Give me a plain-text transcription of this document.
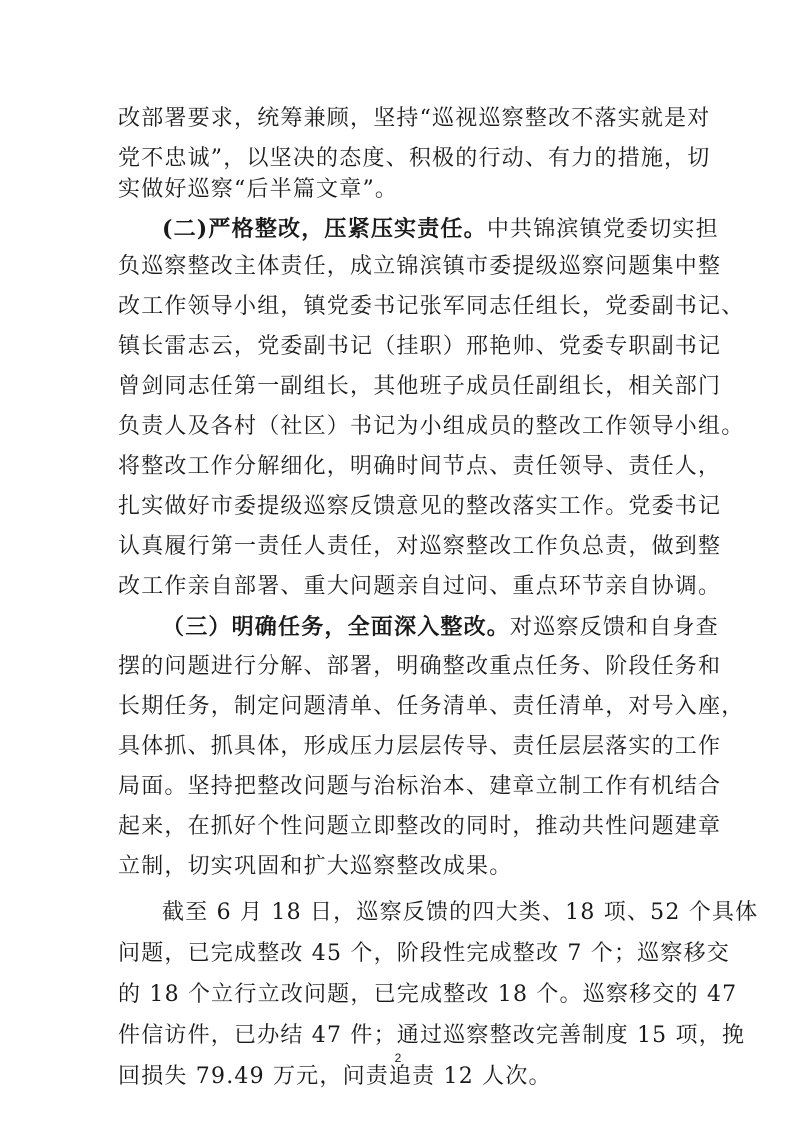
改部署要求，统筹兼顾，坚持“巡视巡察整改不落实就是对
党不忠诚”，以坚决的态度、积极的行动、有力的措施，切
实做好巡察“后半篇文章”。
(二)严格整改，压紧压实责任。中共锦滨镇党委切实担
负巡察整改主体责任，成立锦滨镇市委提级巡察问题集中整
改工作领导小组，镇党委书记张军同志任组长，党委副书记、
镇长雷志云，党委副书记（挂职）邢艳帅、党委专职副书记
曾剑同志任第一副组长，其他班子成员任副组长，相关部门
负责人及各村（社区）书记为小组成员的整改工作领导小组。
将整改工作分解细化，明确时间节点、责任领导、责任人，
扎实做好市委提级巡察反馈意见的整改落实工作。党委书记
认真履行第一责任人责任，对巡察整改工作负总责，做到整
改工作亲自部署、重大问题亲自过问、重点环节亲自协调。
（三）明确任务，全面深入整改。对巡察反馈和自身查
摆的问题进行分解、部署，明确整改重点任务、阶段任务和
长期任务，制定问题清单、任务清单、责任清单，对号入座，
具体抓、抓具体，形成压力层层传导、责任层层落实的工作
局面。坚持把整改问题与治标治本、建章立制工作有机结合
起来，在抓好个性问题立即整改的同时，推动共性问题建章
立制，切实巩固和扩大巡察整改成果。
截至 6 月 18 日，巡察反馈的四大类、18 项、52 个具体
问题，已完成整改 45 个，阶段性完成整改 7 个；巡察移交
的 18 个立行立改问题，已完成整改 18 个。巡察移交的 47
件信访件，已办结 47 件；通过巡察整改完善制度 15 项，挽
回损失 79.49 万元，问责追责 12 人次。
2
